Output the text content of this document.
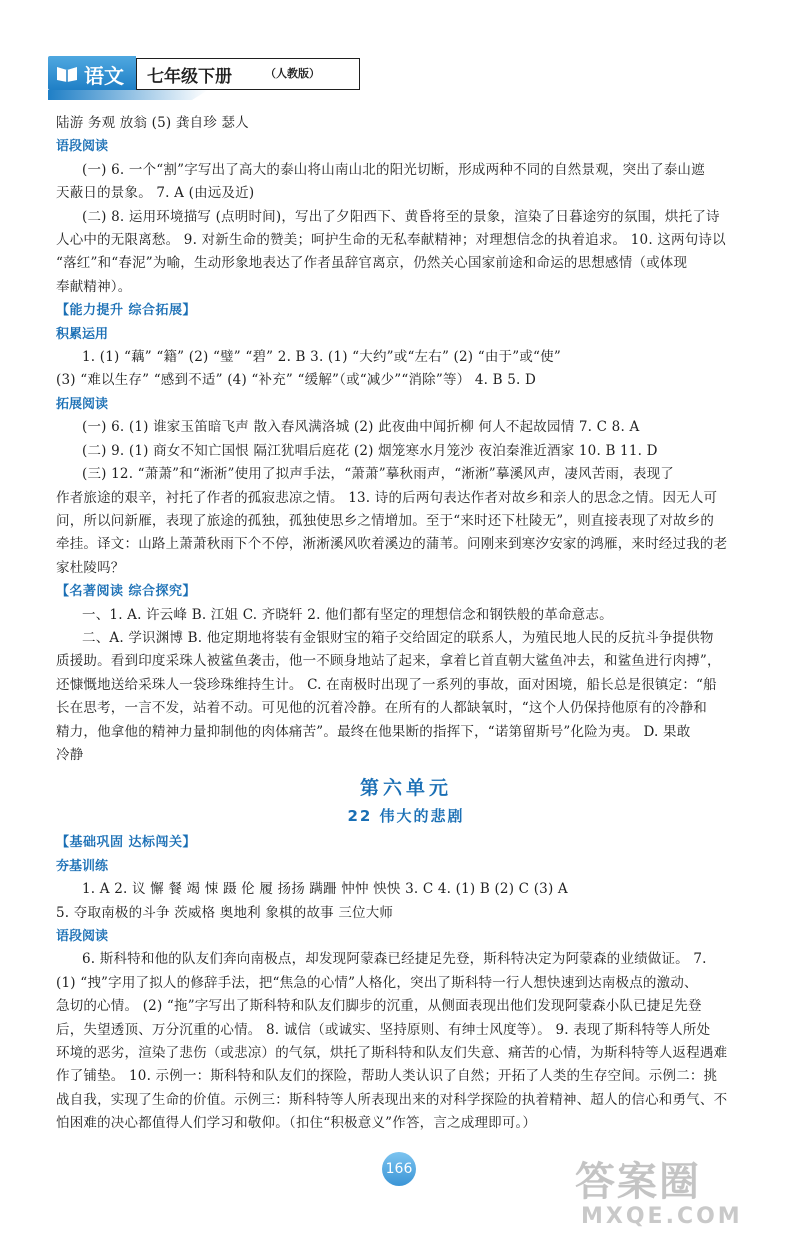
语文 七年级下册	（人教版）
陆游 务观 放翁 (5) 龚自珍 瑟人
语段阅读
(一) 6. 一个“割”字写出了高大的泰山将山南山北的阳光切断，形成两种不同的自然景观，突出了泰山遮
天蔽日的景象。 7. A (由远及近)
(二) 8. 运用环境描写 (点明时间)，写出了夕阳西下、黄昏将至的景象，渲染了日暮途穷的氛围，烘托了诗
人心中的无限离愁。 9. 对新生命的赞美；呵护生命的无私奉献精神；对理想信念的执着追求。 10. 这两句诗以
“落红”和“春泥”为喻，生动形象地表达了作者虽辞官离京，仍然关心国家前途和命运的思想感情（或体现
奉献精神）。
【能力提升 综合拓展】
积累运用
1. (1) “藕” “籍” (2) “璧” “碧” 2. B 3. (1) “大约”或“左右” (2) “由于”或“使”
(3) “难以生存” “感到不适” (4) “补充” “缓解”（或“减少”“消除”等） 4. B 5. D
拓展阅读
(一) 6. (1) 谁家玉笛暗飞声 散入春风满洛城 (2) 此夜曲中闻折柳 何人不起故园情 7. C 8. A
(二) 9. (1) 商女不知亡国恨 隔江犹唱后庭花 (2) 烟笼寒水月笼沙 夜泊秦淮近酒家 10. B 11. D
(三) 12. “萧萧”和“淅淅”使用了拟声手法，“萧萧”摹秋雨声，“淅淅”摹溪风声，凄风苦雨，表现了
作者旅途的艰辛，衬托了作者的孤寂悲凉之情。 13. 诗的后两句表达作者对故乡和亲人的思念之情。因无人可
问，所以问新雁，表现了旅途的孤独，孤独使思乡之情增加。至于“来时还下杜陵无”，则直接表现了对故乡的
牵挂。译文：山路上萧萧秋雨下个不停，淅淅溪风吹着溪边的蒲苇。问刚来到寒汐安家的鸿雁，来时经过我的老
家杜陵吗？
【名著阅读 综合探究】
一、1. A. 许云峰 B. 江姐 C. 齐晓轩 2. 他们都有坚定的理想信念和钢铁般的革命意志。
二、A. 学识渊博 B. 他定期地将装有金银财宝的箱子交给固定的联系人，为殖民地人民的反抗斗争提供物
质援助。看到印度采珠人被鲨鱼袭击，他一不顾身地站了起来，拿着匕首直朝大鲨鱼冲去，和鲨鱼进行肉搏”，
还慷慨地送给采珠人一袋珍珠维持生计。 C. 在南极时出现了一系列的事故，面对困境，船长总是很镇定：“船
长在思考，一言不发，站着不动。可见他的沉着冷静。在所有的人都缺氧时，“这个人仍保持他原有的冷静和
精力，他拿他的精神力量抑制他的肉体痛苦”。最终在他果断的指挥下，“诺第留斯号”化险为夷。 D. 果敢
冷静
第六单元
22 伟大的悲剧
【基础巩固 达标闯关】
夯基训练
1. A 2. 议 懈 餐 竭 悚 蹑 伦 履 扬扬 蹒跚 忡忡 怏怏 3. C 4. (1) B (2) C (3) A
5. 夺取南极的斗争 茨威格 奥地利 象棋的故事 三位大师
语段阅读
6. 斯科特和他的队友们奔向南极点，却发现阿蒙森已经捷足先登，斯科特决定为阿蒙森的业绩做证。 7.
(1) “拽”字用了拟人的修辞手法，把“焦急的心情”人格化，突出了斯科特一行人想快速到达南极点的激动、
急切的心情。 (2) “拖”字写出了斯科特和队友们脚步的沉重，从侧面表现出他们发现阿蒙森小队已捷足先登
后，失望透顶、万分沉重的心情。 8. 诚信（或诚实、坚持原则、有绅士风度等）。 9. 表现了斯科特等人所处
环境的恶劣，渲染了悲伤（或悲凉）的气氛，烘托了斯科特和队友们失意、痛苦的心情，为斯科特等人返程遇难
作了铺垫。 10. 示例一：斯科特和队友们的探险，帮助人类认识了自然；开拓了人类的生存空间。示例二：挑
战自我，实现了生命的价值。示例三：斯科特等人所表现出来的对科学探险的执着精神、超人的信心和勇气、不
怕困难的决心都值得人们学习和敬仰。（扣住“积极意义”作答，言之成理即可。）
166	答案圈
MXQE.COM
